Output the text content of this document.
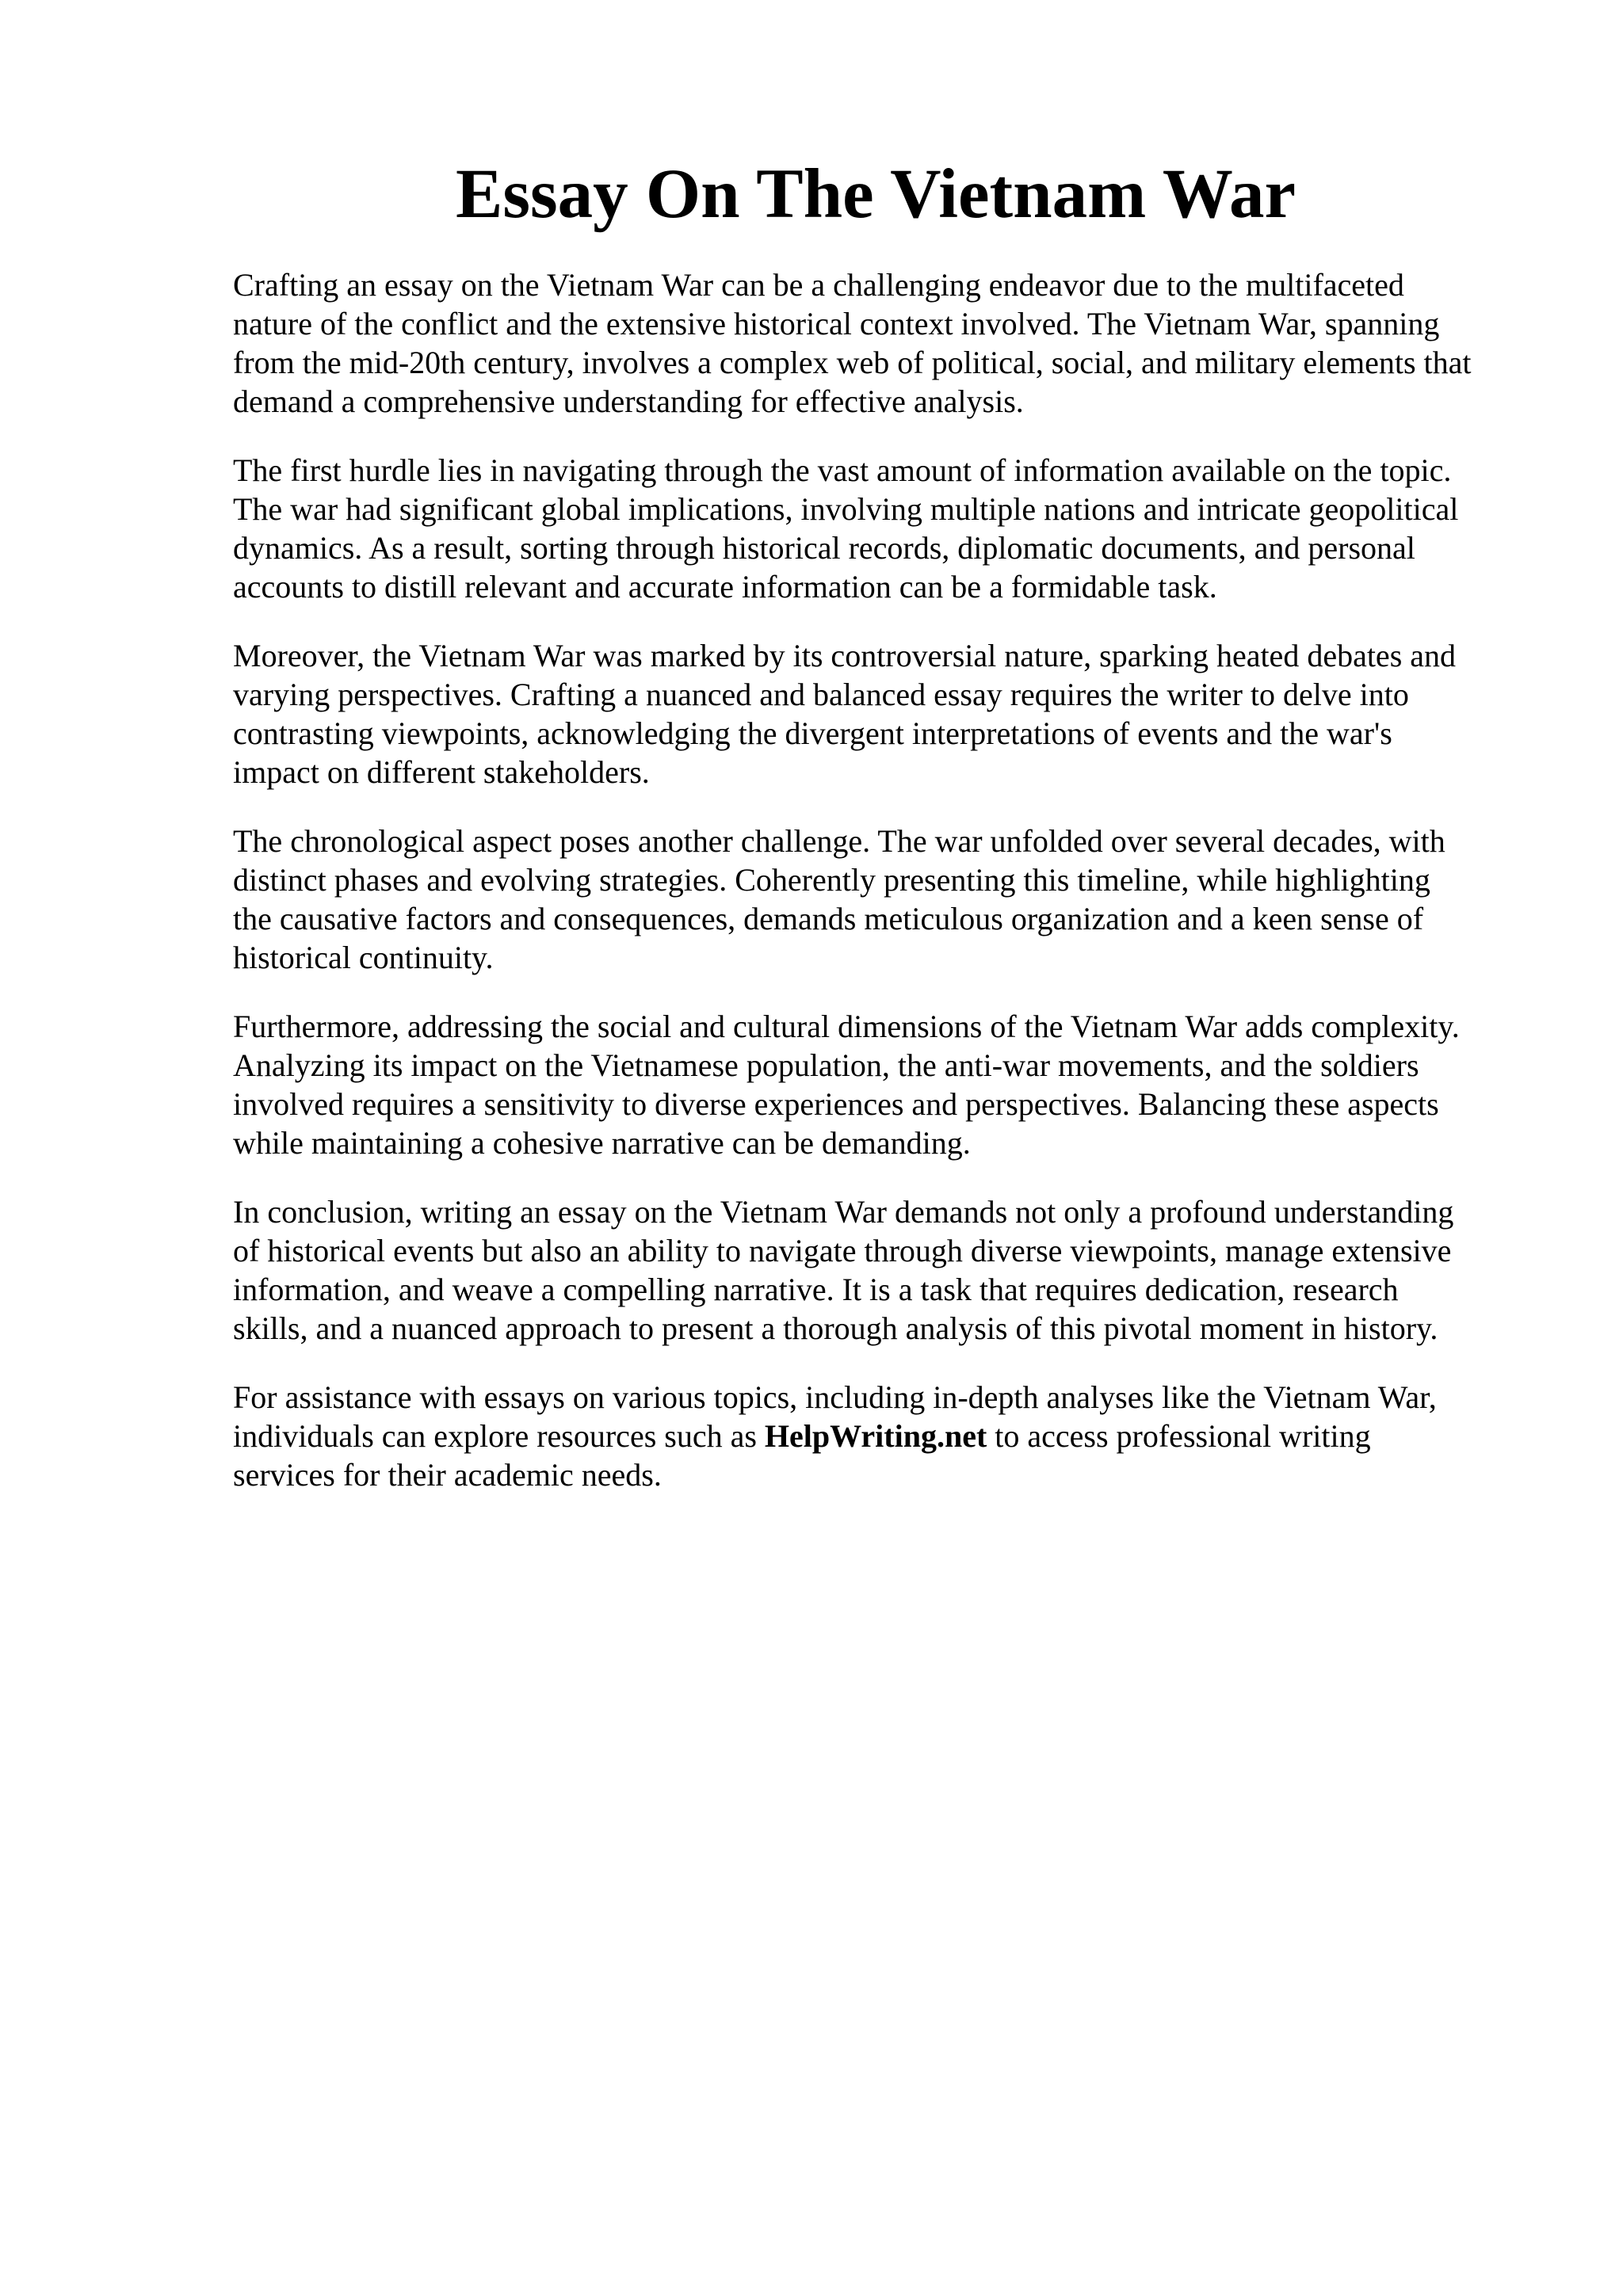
Essay On The Vietnam War

Crafting an essay on the Vietnam War can be a challenging endeavor due to the multifaceted
nature of the conflict and the extensive historical context involved. The Vietnam War, spanning
from the mid-20th century, involves a complex web of political, social, and military elements that
demand a comprehensive understanding for effective analysis.

The first hurdle lies in navigating through the vast amount of information available on the topic.
The war had significant global implications, involving multiple nations and intricate geopolitical
dynamics. As a result, sorting through historical records, diplomatic documents, and personal
accounts to distill relevant and accurate information can be a formidable task.

Moreover, the Vietnam War was marked by its controversial nature, sparking heated debates and
varying perspectives. Crafting a nuanced and balanced essay requires the writer to delve into
contrasting viewpoints, acknowledging the divergent interpretations of events and the war's
impact on different stakeholders.

The chronological aspect poses another challenge. The war unfolded over several decades, with
distinct phases and evolving strategies. Coherently presenting this timeline, while highlighting
the causative factors and consequences, demands meticulous organization and a keen sense of
historical continuity.

Furthermore, addressing the social and cultural dimensions of the Vietnam War adds complexity.
Analyzing its impact on the Vietnamese population, the anti-war movements, and the soldiers
involved requires a sensitivity to diverse experiences and perspectives. Balancing these aspects
while maintaining a cohesive narrative can be demanding.

In conclusion, writing an essay on the Vietnam War demands not only a profound understanding
of historical events but also an ability to navigate through diverse viewpoints, manage extensive
information, and weave a compelling narrative. It is a task that requires dedication, research
skills, and a nuanced approach to present a thorough analysis of this pivotal moment in history.

For assistance with essays on various topics, including in-depth analyses like the Vietnam War,
individuals can explore resources such as HelpWriting.net to access professional writing
services for their academic needs.
